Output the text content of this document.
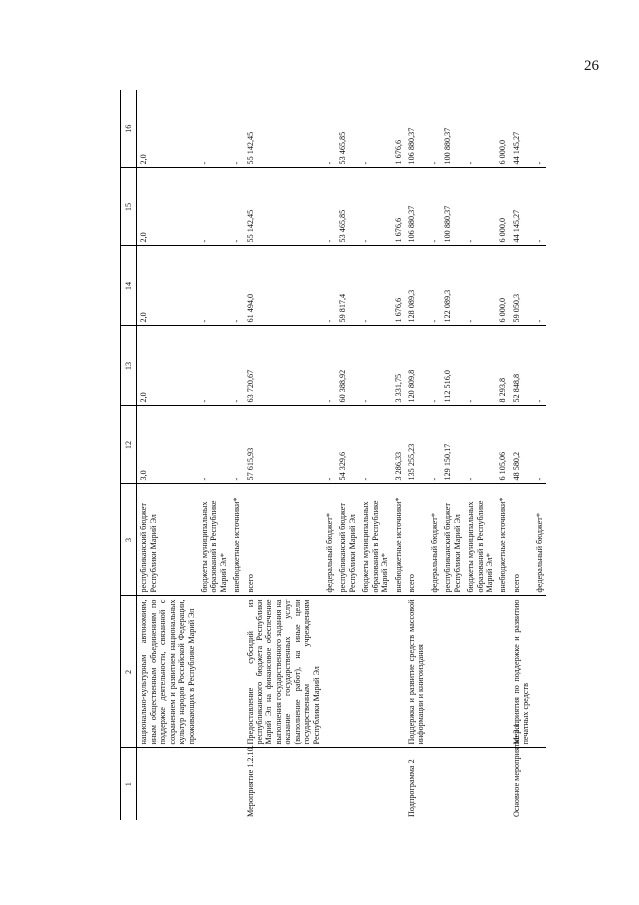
26
1	2	3	12	13	14	15	16
	национально-культурным автономиям, иным общественным объединениям по поддержке деятельности, связанной с сохранением и развитием национальных культур народов Российской Федерации, проживающих в Республике Марий Эл	республиканский бюджет Республики Марий Эл	3,0	2,0	2,0	2,0	2,0
		бюджеты муниципальных образований в Республике Марий Эл*	-	-	-	-	-
		внебюджетные источники*	-	-	-	-	-
Мероприятие 1.2.10.	Предоставление субсидий из республиканского бюджета Республики Марий Эл на финансовое обеспечение выполнения государственного задания на оказание государственных услуг (выполнение работ), на иные цели государственным учреждениям Республики Марий Эл	всего	57 615,93	63 720,67	61 494,0	55 142,45	55 142,45
		федеральный бюджет*	-	-	-	-	-
		республиканский бюджет Республики Марий Эл	54 329,6	60 388,92	59 817,4	53 465,85	53 465,85
		бюджеты муниципальных образований в Республике Марий Эл*	-	-	-	-	-
		внебюджетные источники*	3 286,33	3 331,75	1 676,6	1 676,6	1 676,6
Подпрограмма 2	Поддержка и развитие средств массовой информации и книгоиздания	всего	135 255,23	120 809,8	128 089,3	106 880,37	106 880,37
		федеральный бюджет*	-	-	-	-	-
		республиканский бюджет Республики Марий Эл	129 150,17	112 516,0	122 089,3	100 880,37	100 880,37
		бюджеты муниципальных образований в Республике Марий Эл*	-	-	-	-	-
		внебюджетные источники*	6 105,06	8 293,8	6 000,0	6 000,0	6 000,0
Основное мероприятие 2.1.	Мероприятия по поддержке и развитию печатных средств	всего	48 580,2	52 848,8	59 050,3	44 145,27	44 145,27
		федеральный бюджет*	-	-	-	-	-
